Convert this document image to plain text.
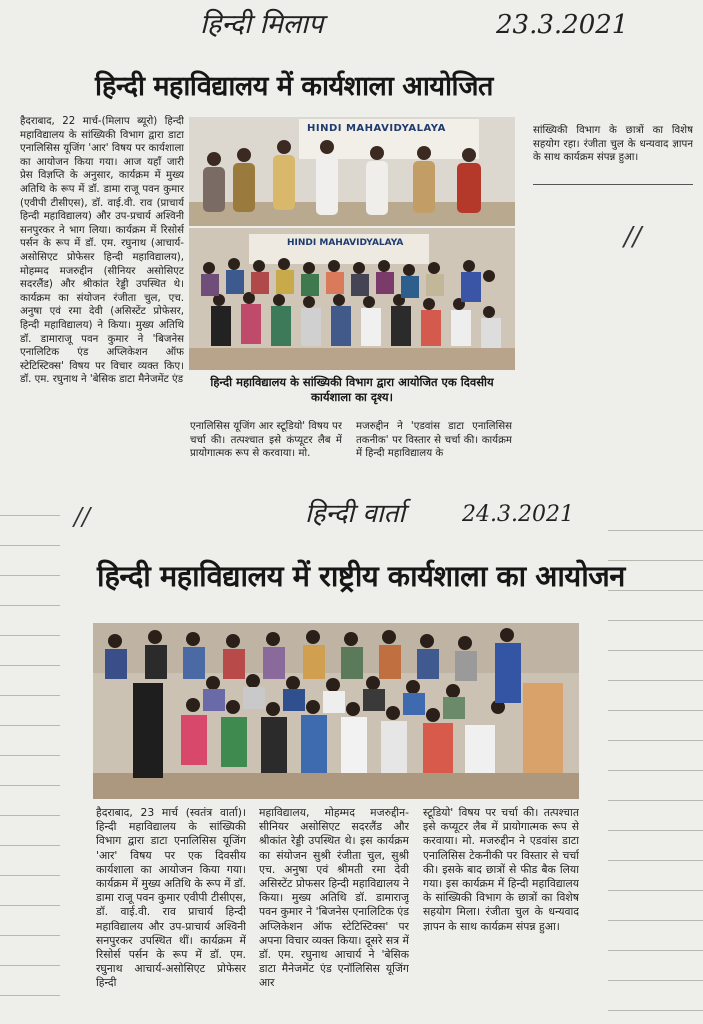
हिन्दी मिलाप	23.3.2021
हिन्दी महाविद्यालय में कार्यशाला आयोजित
हैदराबाद, 22 मार्च-(मिलाप ब्यूरो) हिन्दी महाविद्यालय के सांख्यिकी विभाग द्वारा डाटा एनालिसिस यूजिंग 'आर' विषय पर कार्यशाला का आयोजन किया गया। आज यहाँ जारी प्रेस विज्ञप्ति के अनुसार, कार्यक्रम में मुख्य अतिथि के रूप में डॉ. डामा राजू पवन कुमार (एवीपी टीसीएस), डॉ. वाई.वी. राव (प्राचार्य हिन्दी महाविद्यालय) और उप-प्रचार्य अश्विनी सनपुरकर ने भाग लिया। कार्यक्रम में रिसोर्स पर्सन के रूप में डॉ. एम. रघुनाथ (आचार्य-असोसिएट प्रोफेसर हिन्दी महाविद्यालय), मोहम्मद मजरुद्दीन (सीनियर असोसिएट सदरलैंड) और श्रीकांत रेड्डी उपस्थित थे। कार्यक्रम का संयोजन रंजीता चुल, एच. अनुषा एवं रमा देवी (असिस्टेंट प्रोफेसर, हिन्दी महाविद्यालय) ने किया। मुख्य अतिथि डॉ. डामाराजू पवन कुमार ने 'बिजनेस एनालिटिक एंड अप्लिकेशन ऑफ स्टेटिस्टिक्स' विषय पर विचार व्यक्त किए। डॉ. एम. रघुनाथ ने 'बेसिक डाटा मैनेजमेंट एंड
HINDI MAHAVIDYALAYA
HINDI MAHAVIDYALAYA
हिन्दी महाविद्यालय के सांख्यिकी विभाग द्वारा आयोजित एक दिवसीय कार्यशाला का दृश्य।
सांख्यिकी विभाग के छात्रों का विशेष सहयोग रहा। रंजीता चुल के धन्यवाद ज्ञापन के साथ कार्यक्रम संपन्न हुआ।
//
एनालिसिस यूजिंग आर स्टूडियो' विषय पर चर्चा की। तत्पश्चात इसे कंप्यूटर लैब में प्रायोगात्मक रूप से करवाया। मो.
मजरुद्दीन ने 'एडवांस डाटा एनालिसिस तकनीक' पर विस्तार से चर्चा की। कार्यक्रम में हिन्दी महाविद्यालय के
//	हिन्दी वार्ता	24.3.2021
हिन्दी महाविद्यालय में राष्ट्रीय कार्यशाला का आयोजन
हैदराबाद, 23 मार्च (स्वतंत्र वार्ता)। हिन्दी महाविद्यालय के सांख्यिकी विभाग द्वारा डाटा एनालिसिस यूजिंग 'आर' विषय पर एक दिवसीय कार्यशाला का आयोजन किया गया। कार्यक्रम में मुख्य अतिथि के रूप में डॉ. डामा राजू पवन कुमार एवीपी टीसीएस, डॉ. वाई.वी. राव प्राचार्य हिन्दी महाविद्यालय और उप-प्राचार्य अश्विनी सनपुरकर उपस्थित थीं। कार्यक्रम में रिसोर्स पर्सन के रूप में डॉ. एम. रघुनाथ आचार्य-असोसिएट प्रोफेसर हिन्दी
महाविद्यालय, मोहम्मद मजरुद्दीन-सीनियर असोसिएट सदरलैंड और श्रीकांत रेड्डी उपस्थित थे। इस कार्यक्रम का संयोजन सुश्री रंजीता चुल, सुश्री एच. अनुषा एवं श्रीमती रमा देवी असिस्टेंट प्रोफसर हिन्दी महाविद्यालय ने किया। मुख्य अतिथि डॉ. डामाराजू पवन कुमार ने 'बिजनेस एनालिटिक एंड अप्लिकेशन ऑफ स्टेटिस्टिक्स' पर अपना विचार व्यक्त किया। दूसरे सत्र में डॉ. एम. रघुनाथ आचार्य ने 'बेसिक डाटा मैनेजमेंट एंड एनॉलिसिस यूजिंग आर
स्टूडियो' विषय पर चर्चा की। तत्पश्चात इसे कप्यूटर लैब में प्रायोगात्मक रूप से करवाया। मो. मजरुद्दीन ने एडवांस डाटा एनालिसिस टेकनीकी पर विस्तार से चर्चा की। इसके बाद छात्रों से फीड बैक लिया गया। इस कार्यक्रम में हिन्दी महाविद्यालय के सांख्यिकी विभाग के छात्रों का विशेष सहयोग मिला। रंजीता चुल के धन्यवाद ज्ञापन के साथ कार्यक्रम संपन्न हुआ।
